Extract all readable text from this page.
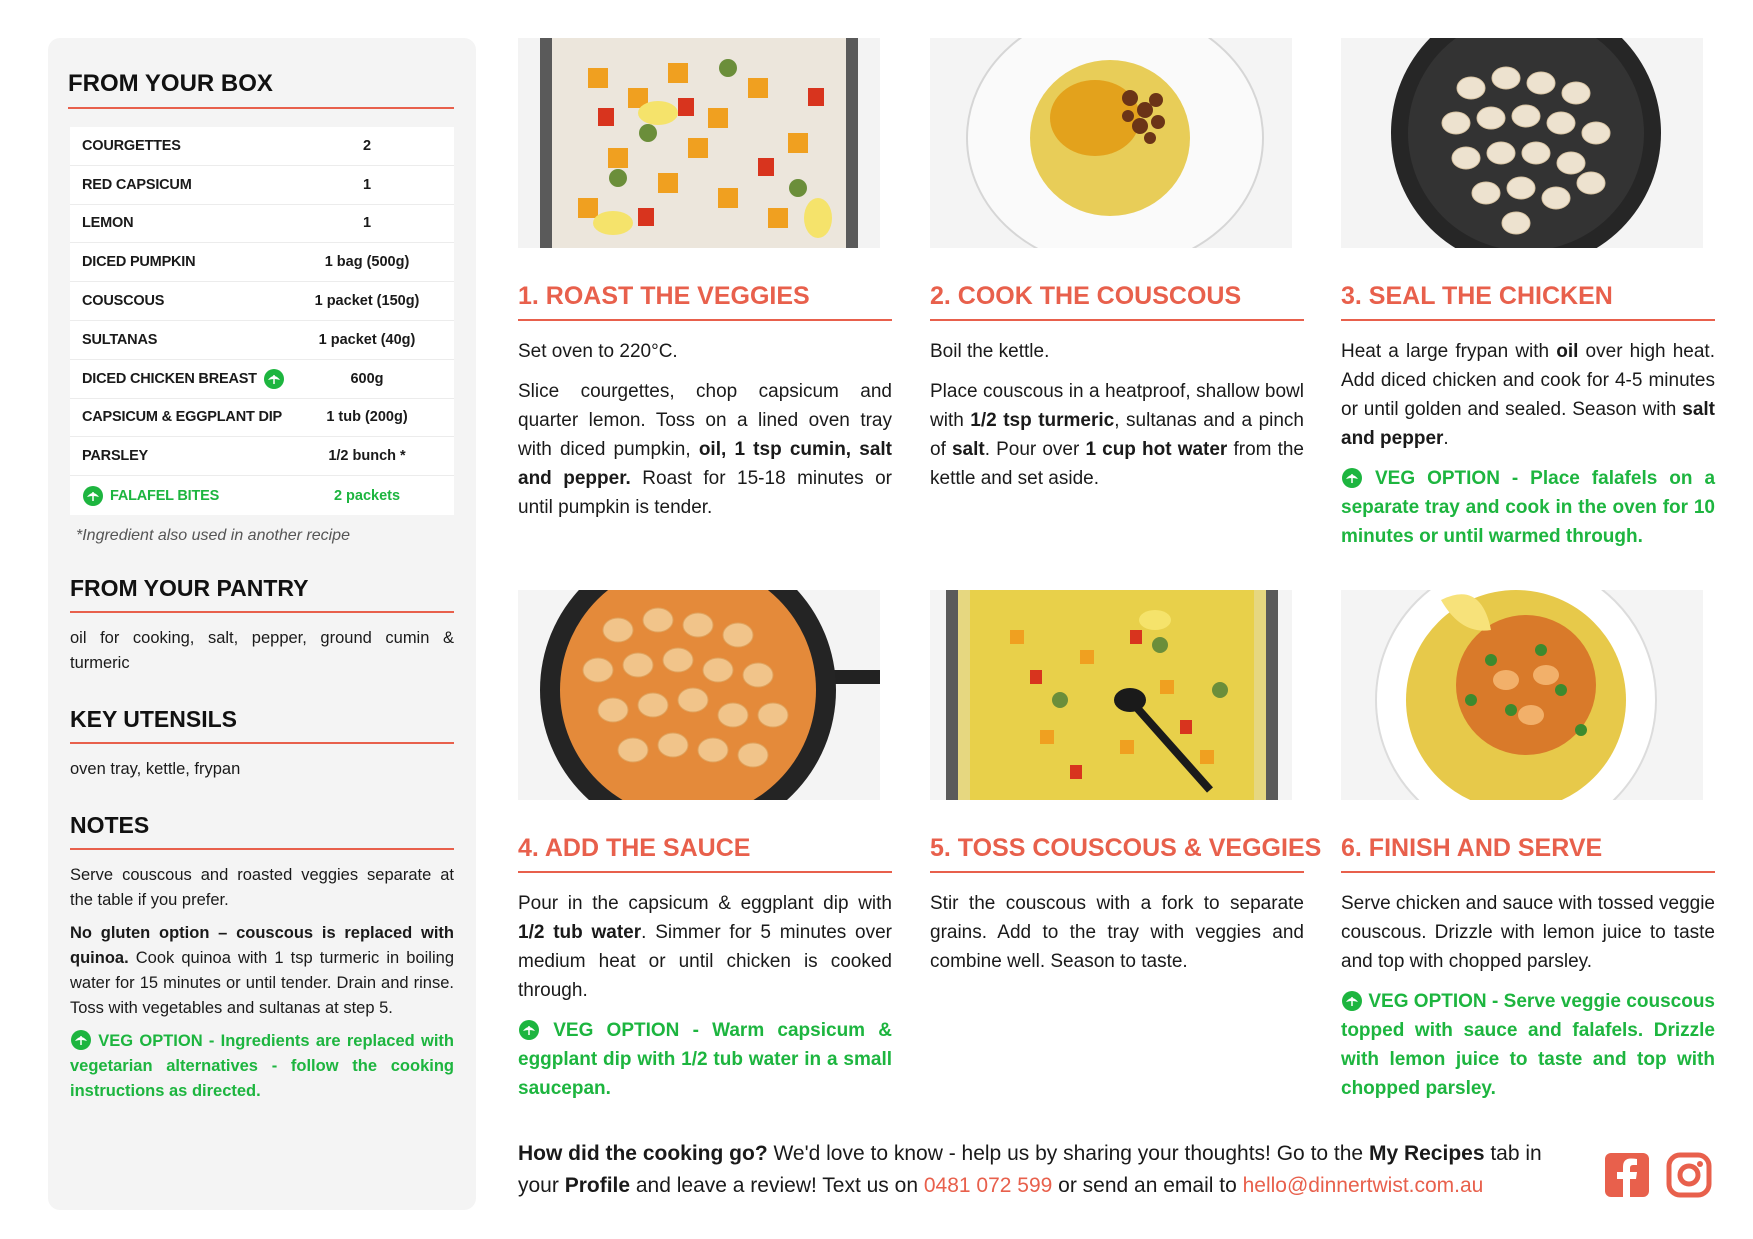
FROM YOUR BOX
COURGETTES	2
RED CAPSICUM	1
LEMON	1
DICED PUMPKIN	1 bag (500g)
COUSCOUS	1 packet (150g)
SULTANAS	1 packet (40g)
DICED CHICKEN BREAST	600g
CAPSICUM & EGGPLANT DIP	1 tub (200g)
PARSLEY	1/2 bunch *
FALAFEL BITES	2 packets
*Ingredient also used in another recipe
FROM YOUR PANTRY
oil for cooking, salt, pepper, ground cumin & turmeric
KEY UTENSILS
oven tray, kettle, frypan
NOTES
Serve couscous and roasted veggies separate at the table if you prefer.
No gluten option – couscous is replaced with quinoa. Cook quinoa with 1 tsp turmeric in boiling water for 15 minutes or until tender. Drain and rinse. Toss with vegetables and sultanas at step 5.
VEG OPTION - Ingredients are replaced with vegetarian alternatives - follow the cooking instructions as directed.
1. ROAST THE VEGGIES

Set oven to 220°C.

Slice courgettes, chop capsicum and quarter lemon. Toss on a lined oven tray with diced pumpkin, oil, 1 tsp cumin, salt and pepper. Roast for 15-18 minutes or until pumpkin is tender.

2. COOK THE COUSCOUS

Boil the kettle.

Place couscous in a heatproof, shallow bowl with 1/2 tsp turmeric, sultanas and a pinch of salt. Pour over 1 cup hot water from the kettle and set aside.

3. SEAL THE CHICKEN

Heat a large frypan with oil over high heat. Add diced chicken and cook for 4-5 minutes or until golden and sealed. Season with salt and pepper.

VEG OPTION - Place falafels on a separate tray and cook in the oven for 10 minutes or until warmed through.
4. ADD THE SAUCE

Pour in the capsicum & eggplant dip with 1/2 tub water. Simmer for 5 minutes over medium heat or until chicken is cooked through.

VEG OPTION - Warm capsicum & eggplant dip with 1/2 tub water in a small saucepan.
5. TOSS COUSCOUS & VEGGIES

Stir the couscous with a fork to separate grains. Add to the tray with veggies and combine well. Season to taste.

6. FINISH AND SERVE

Serve chicken and sauce with tossed veggie couscous. Drizzle with lemon juice to taste and top with chopped parsley.

VEG OPTION - Serve veggie couscous topped with sauce and falafels. Drizzle with lemon juice to taste and top with chopped parsley.
How did the cooking go? We'd love to know - help us by sharing your thoughts! Go to the My Recipes tab in your Profile and leave a review! Text us on 0481 072 599 or send an email to hello@dinnertwist.com.au
